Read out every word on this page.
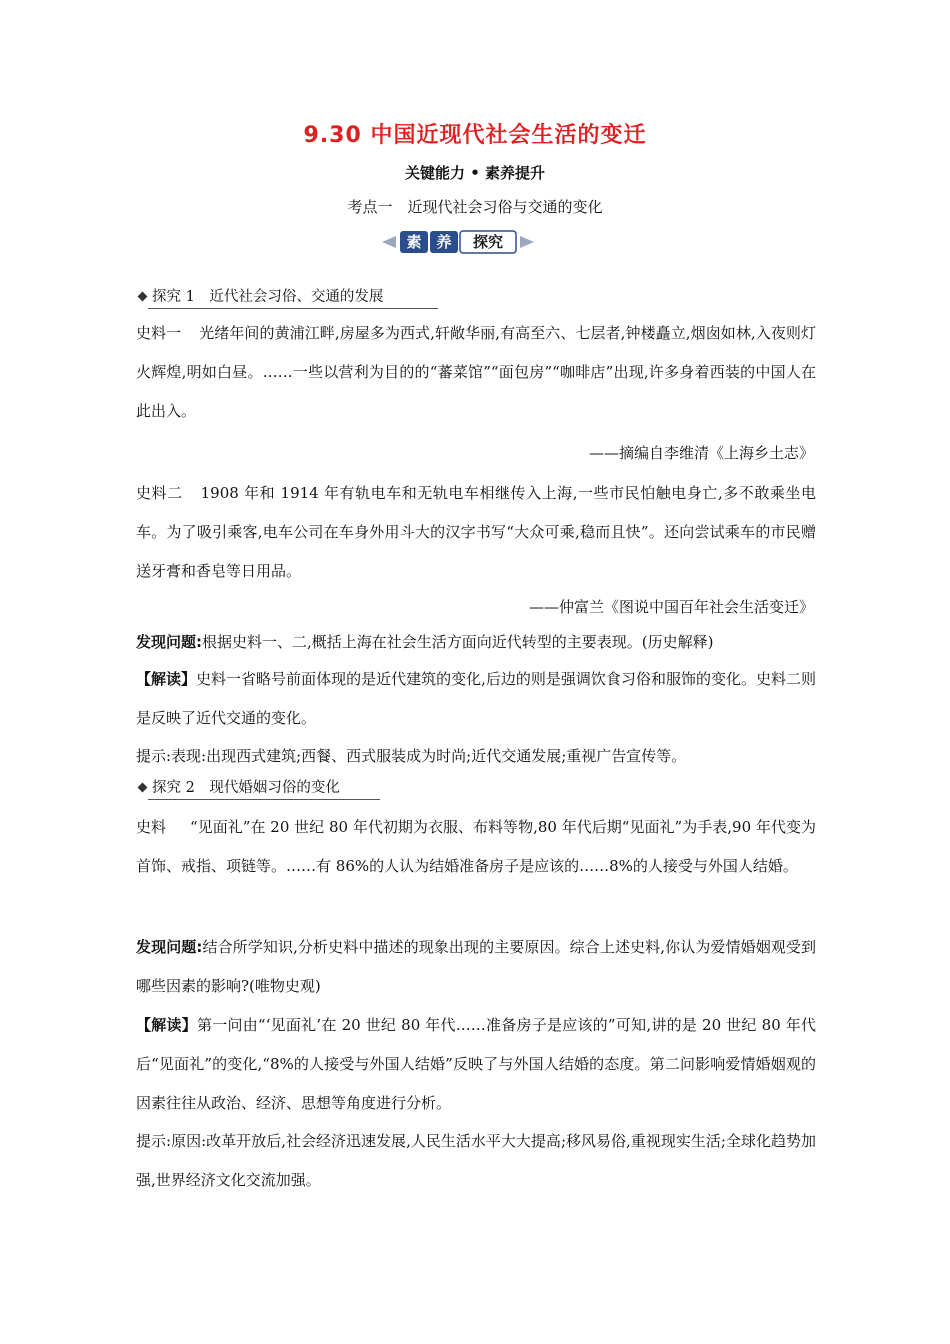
9.30 中国近现代社会生活的变迁
关键能力 • 素养提升
考点一　近现代社会习俗与交通的变化
素 养 探究
探究 1　近代社会习俗、交通的发展
史料一 光绪年间的黄浦江畔,房屋多为西式,轩敞华丽,有高至六、七层者,钟楼矗立,烟囱如林,入夜则灯火辉煌,明如白昼。……一些以营利为目的的“蕃菜馆”“面包房”“咖啡店”出现,许多身着西装的中国人在此出入。
——摘编自李维清《上海乡土志》
史料二 1908 年和 1914 年有轨电车和无轨电车相继传入上海,一些市民怕触电身亡,多不敢乘坐电车。为了吸引乘客,电车公司在车身外用斗大的汉字书写“大众可乘,稳而且快”。还向尝试乘车的市民赠送牙膏和香皂等日用品。
——仲富兰《图说中国百年社会生活变迁》
发现问题:根据史料一、二,概括上海在社会生活方面向近代转型的主要表现。(历史解释)
【解读】史料一省略号前面体现的是近代建筑的变化,后边的则是强调饮食习俗和服饰的变化。史料二则是反映了近代交通的变化。
提示:表现:出现西式建筑;西餐、西式服装成为时尚;近代交通发展;重视广告宣传等。
探究 2　现代婚姻习俗的变化
史料 “见面礼”在 20 世纪 80 年代初期为衣服、布料等物,80 年代后期“见面礼”为手表,90 年代变为首饰、戒指、项链等。……有 86%的人认为结婚准备房子是应该的……8%的人接受与外国人结婚。
发现问题:结合所学知识,分析史料中描述的现象出现的主要原因。综合上述史料,你认为爱情婚姻观受到哪些因素的影响?(唯物史观)
【解读】第一问由“‘见面礼’在 20 世纪 80 年代……准备房子是应该的”可知,讲的是 20 世纪 80 年代后“见面礼”的变化,“8%的人接受与外国人结婚”反映了与外国人结婚的态度。第二问影响爱情婚姻观的因素往往从政治、经济、思想等角度进行分析。
提示:原因:改革开放后,社会经济迅速发展,人民生活水平大大提高;移风易俗,重视现实生活;全球化趋势加强,世界经济文化交流加强。
